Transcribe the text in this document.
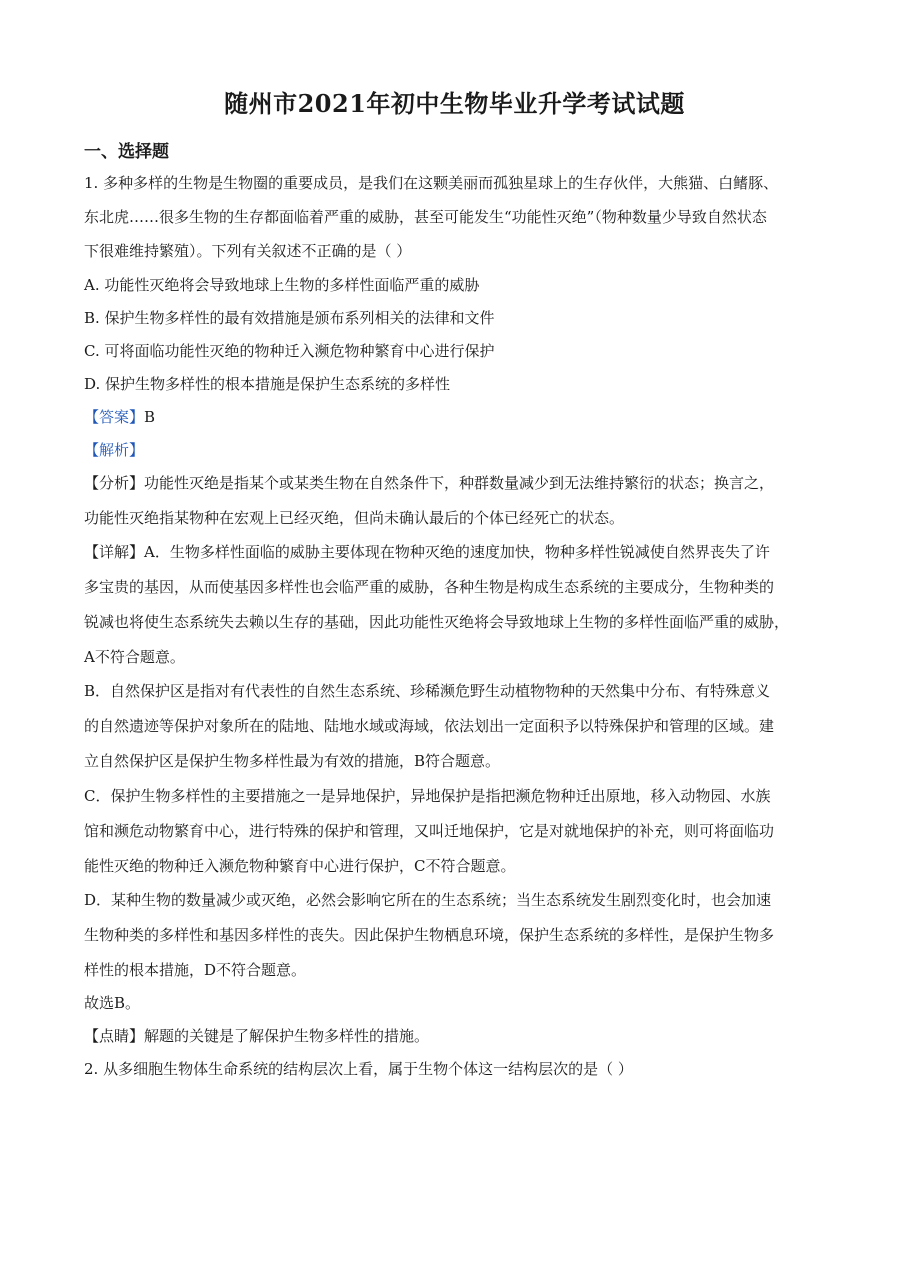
随州市2021年初中生物毕业升学考试试题
一、选择题
1. 多种多样的生物是生物圈的重要成员，是我们在这颗美丽而孤独星球上的生存伙伴，大熊猫、白鳍豚、
东北虎……很多生物的生存都面临着严重的威胁，甚至可能发生“功能性灭绝”（物种数量少导致自然状态
下很难维持繁殖）。下列有关叙述不正确的是（ ）
A. 功能性灭绝将会导致地球上生物的多样性面临严重的威胁
B. 保护生物多样性的最有效措施是颁布系列相关的法律和文件
C. 可将面临功能性灭绝的物种迁入濒危物种繁育中心进行保护
D. 保护生物多样性的根本措施是保护生态系统的多样性
【答案】B
【解析】
【分析】功能性灭绝是指某个或某类生物在自然条件下，种群数量减少到无法维持繁衍的状态；换言之，
功能性灭绝指某物种在宏观上已经灭绝，但尚未确认最后的个体已经死亡的状态。
【详解】A．生物多样性面临的威胁主要体现在物种灭绝的速度加快，物种多样性锐减使自然界丧失了许
多宝贵的基因，从而使基因多样性也会临严重的威胁，各种生物是构成生态系统的主要成分，生物种类的
锐减也将使生态系统失去赖以生存的基础，因此功能性灭绝将会导致地球上生物的多样性面临严重的威胁，
A不符合题意。
B．自然保护区是指对有代表性的自然生态系统、珍稀濒危野生动植物物种的天然集中分布、有特殊意义
的自然遗迹等保护对象所在的陆地、陆地水域或海域，依法划出一定面积予以特殊保护和管理的区域。建
立自然保护区是保护生物多样性最为有效的措施，B符合题意。
C．保护生物多样性的主要措施之一是异地保护，异地保护是指把濒危物种迁出原地，移入动物园、水族
馆和濒危动物繁育中心，进行特殊的保护和管理，又叫迁地保护，它是对就地保护的补充，则可将面临功
能性灭绝的物种迁入濒危物种繁育中心进行保护，C不符合题意。
D．某种生物的数量减少或灭绝，必然会影响它所在的生态系统；当生态系统发生剧烈变化时，也会加速
生物种类的多样性和基因多样性的丧失。因此保护生物栖息环境，保护生态系统的多样性，是保护生物多
样性的根本措施，D不符合题意。
故选B。
【点睛】解题的关键是了解保护生物多样性的措施。
2. 从多细胞生物体生命系统的结构层次上看，属于生物个体这一结构层次的是（ ）
